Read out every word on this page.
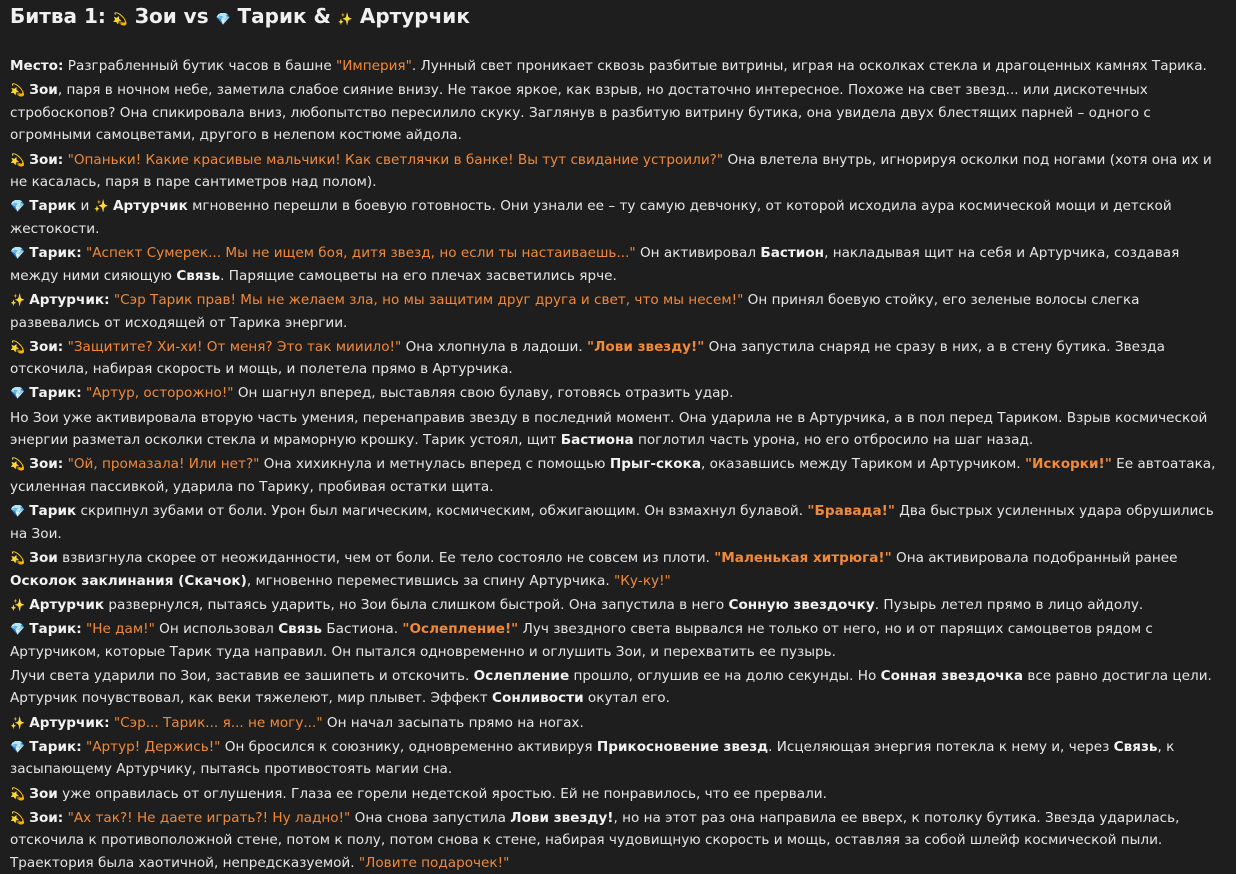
Битва 1: 💫 Зои vs 💎 Тарик & ✨ Артурчик
Место: Разграбленный бутик часов в башне "Империя". Лунный свет проникает сквозь разбитые витрины, играя на осколках стекла и драгоценных камнях Тарика.
💫 Зои, паря в ночном небе, заметила слабое сияние внизу. Не такое яркое, как взрыв, но достаточно интересное. Похоже на свет звезд... или дискотечных стробоскопов? Она спикировала вниз, любопытство пересилило скуку. Заглянув в разбитую витрину бутика, она увидела двух блестящих парней – одного с огромными самоцветами, другого в нелепом костюме айдола.
💫 Зои: "Опаньки! Какие красивые мальчики! Как светлячки в банке! Вы тут свидание устроили?" Она влетела внутрь, игнорируя осколки под ногами (хотя она их и не касалась, паря в паре сантиметров над полом).
💎 Тарик и ✨ Артурчик мгновенно перешли в боевую готовность. Они узнали ее – ту самую девчонку, от которой исходила аура космической мощи и детской жестокости.
💎 Тарик: "Аспект Сумерек... Мы не ищем боя, дитя звезд, но если ты настаиваешь..." Он активировал Бастион, накладывая щит на себя и Артурчика, создавая между ними сияющую Связь. Парящие самоцветы на его плечах засветились ярче.
✨ Артурчик: "Сэр Тарик прав! Мы не желаем зла, но мы защитим друг друга и свет, что мы несем!" Он принял боевую стойку, его зеленые волосы слегка развевались от исходящей от Тарика энергии.
💫 Зои: "Защитите? Хи-хи! От меня? Это так мииило!" Она хлопнула в ладоши. "Лови звезду!" Она запустила снаряд не сразу в них, а в стену бутика. Звезда отскочила, набирая скорость и мощь, и полетела прямо в Артурчика.
💎 Тарик: "Артур, осторожно!" Он шагнул вперед, выставляя свою булаву, готовясь отразить удар.
Но Зои уже активировала вторую часть умения, перенаправив звезду в последний момент. Она ударила не в Артурчика, а в пол перед Тариком. Взрыв космической энергии разметал осколки стекла и мраморную крошку. Тарик устоял, щит Бастиона поглотил часть урона, но его отбросило на шаг назад.
💫 Зои: "Ой, промазала! Или нет?" Она хихикнула и метнулась вперед с помощью Прыг-скока, оказавшись между Тариком и Артурчиком. "Искорки!" Ее автоатака, усиленная пассивкой, ударила по Тарику, пробивая остатки щита.
💎 Тарик скрипнул зубами от боли. Урон был магическим, космическим, обжигающим. Он взмахнул булавой. "Бравада!" Два быстрых усиленных удара обрушились на Зои.
💫 Зои взвизгнула скорее от неожиданности, чем от боли. Ее тело состояло не совсем из плоти. "Маленькая хитрюга!" Она активировала подобранный ранее Осколок заклинания (Скачок), мгновенно переместившись за спину Артурчика. "Ку-ку!"
✨ Артурчик развернулся, пытаясь ударить, но Зои была слишком быстрой. Она запустила в него Сонную звездочку. Пузырь летел прямо в лицо айдолу.
💎 Тарик: "Не дам!" Он использовал Связь Бастиона. "Ослепление!" Луч звездного света вырвался не только от него, но и от парящих самоцветов рядом с Артурчиком, которые Тарик туда направил. Он пытался одновременно и оглушить Зои, и перехватить ее пузырь.
Лучи света ударили по Зои, заставив ее зашипеть и отскочить. Ослепление прошло, оглушив ее на долю секунды. Но Сонная звездочка все равно достигла цели. Артурчик почувствовал, как веки тяжелеют, мир плывет. Эффект Сонливости окутал его.
✨ Артурчик: "Сэр... Тарик... я... не могу..." Он начал засыпать прямо на ногах.
💎 Тарик: "Артур! Держись!" Он бросился к союзнику, одновременно активируя Прикосновение звезд. Исцеляющая энергия потекла к нему и, через Связь, к засыпающему Артурчику, пытаясь противостоять магии сна.
💫 Зои уже оправилась от оглушения. Глаза ее горели недетской яростью. Ей не понравилось, что ее прервали.
💫 Зои: "Ах так?! Не даете играть?! Ну ладно!" Она снова запустила Лови звезду!, но на этот раз она направила ее вверх, к потолку бутика. Звезда ударилась, отскочила к противоположной стене, потом к полу, потом снова к стене, набирая чудовищную скорость и мощь, оставляя за собой шлейф космической пыли. Траектория была хаотичной, непредсказуемой. "Ловите подарочек!"
